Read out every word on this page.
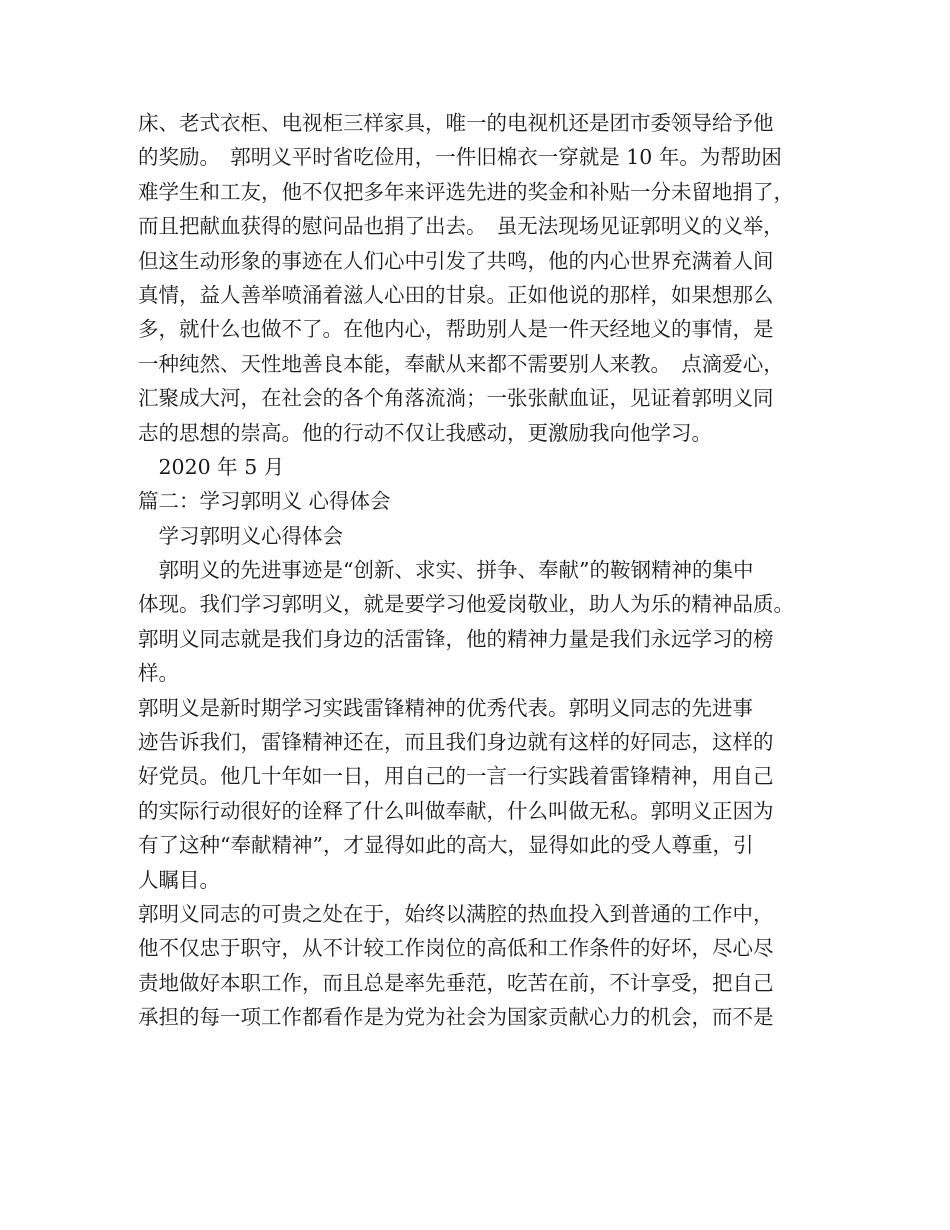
床、老式衣柜、电视柜三样家具，唯一的电视机还是团市委领导给予他
的奖励。　郭明义平时省吃俭用，一件旧棉衣一穿就是 10 年。为帮助困
难学生和工友，他不仅把多年来评选先进的奖金和补贴一分未留地捐了，
而且把献血获得的慰问品也捐了出去。　虽无法现场见证郭明义的义举，
但这生动形象的事迹在人们心中引发了共鸣，他的内心世界充满着人间
真情，益人善举喷涌着滋人心田的甘泉。正如他说的那样，如果想那么
多，就什么也做不了。在他内心，帮助别人是一件天经地义的事情，是
一种纯然、天性地善良本能，奉献从来都不需要别人来教。　点滴爱心，
汇聚成大河，在社会的各个角落流淌；一张张献血证，见证着郭明义同
志的思想的崇高。他的行动不仅让我感动，更激励我向他学习。
　2020 年 5 月
篇二：学习郭明义 心得体会
　学习郭明义心得体会
　郭明义的先进事迹是“创新、求实、拼争、奉献”的鞍钢精神的集中
体现。我们学习郭明义，就是要学习他爱岗敬业，助人为乐的精神品质。
郭明义同志就是我们身边的活雷锋，他的精神力量是我们永远学习的榜
样。
郭明义是新时期学习实践雷锋精神的优秀代表。郭明义同志的先进事
迹告诉我们，雷锋精神还在，而且我们身边就有这样的好同志，这样的
好党员。他几十年如一日，用自己的一言一行实践着雷锋精神，用自己
的实际行动很好的诠释了什么叫做奉献，什么叫做无私。郭明义正因为
有了这种“奉献精神”，才显得如此的高大，显得如此的受人尊重，引
人瞩目。
郭明义同志的可贵之处在于，始终以满腔的热血投入到普通的工作中，
他不仅忠于职守，从不计较工作岗位的高低和工作条件的好坏，尽心尽
责地做好本职工作，而且总是率先垂范，吃苦在前，不计享受，把自己
承担的每一项工作都看作是为党为社会为国家贡献心力的机会，而不是
